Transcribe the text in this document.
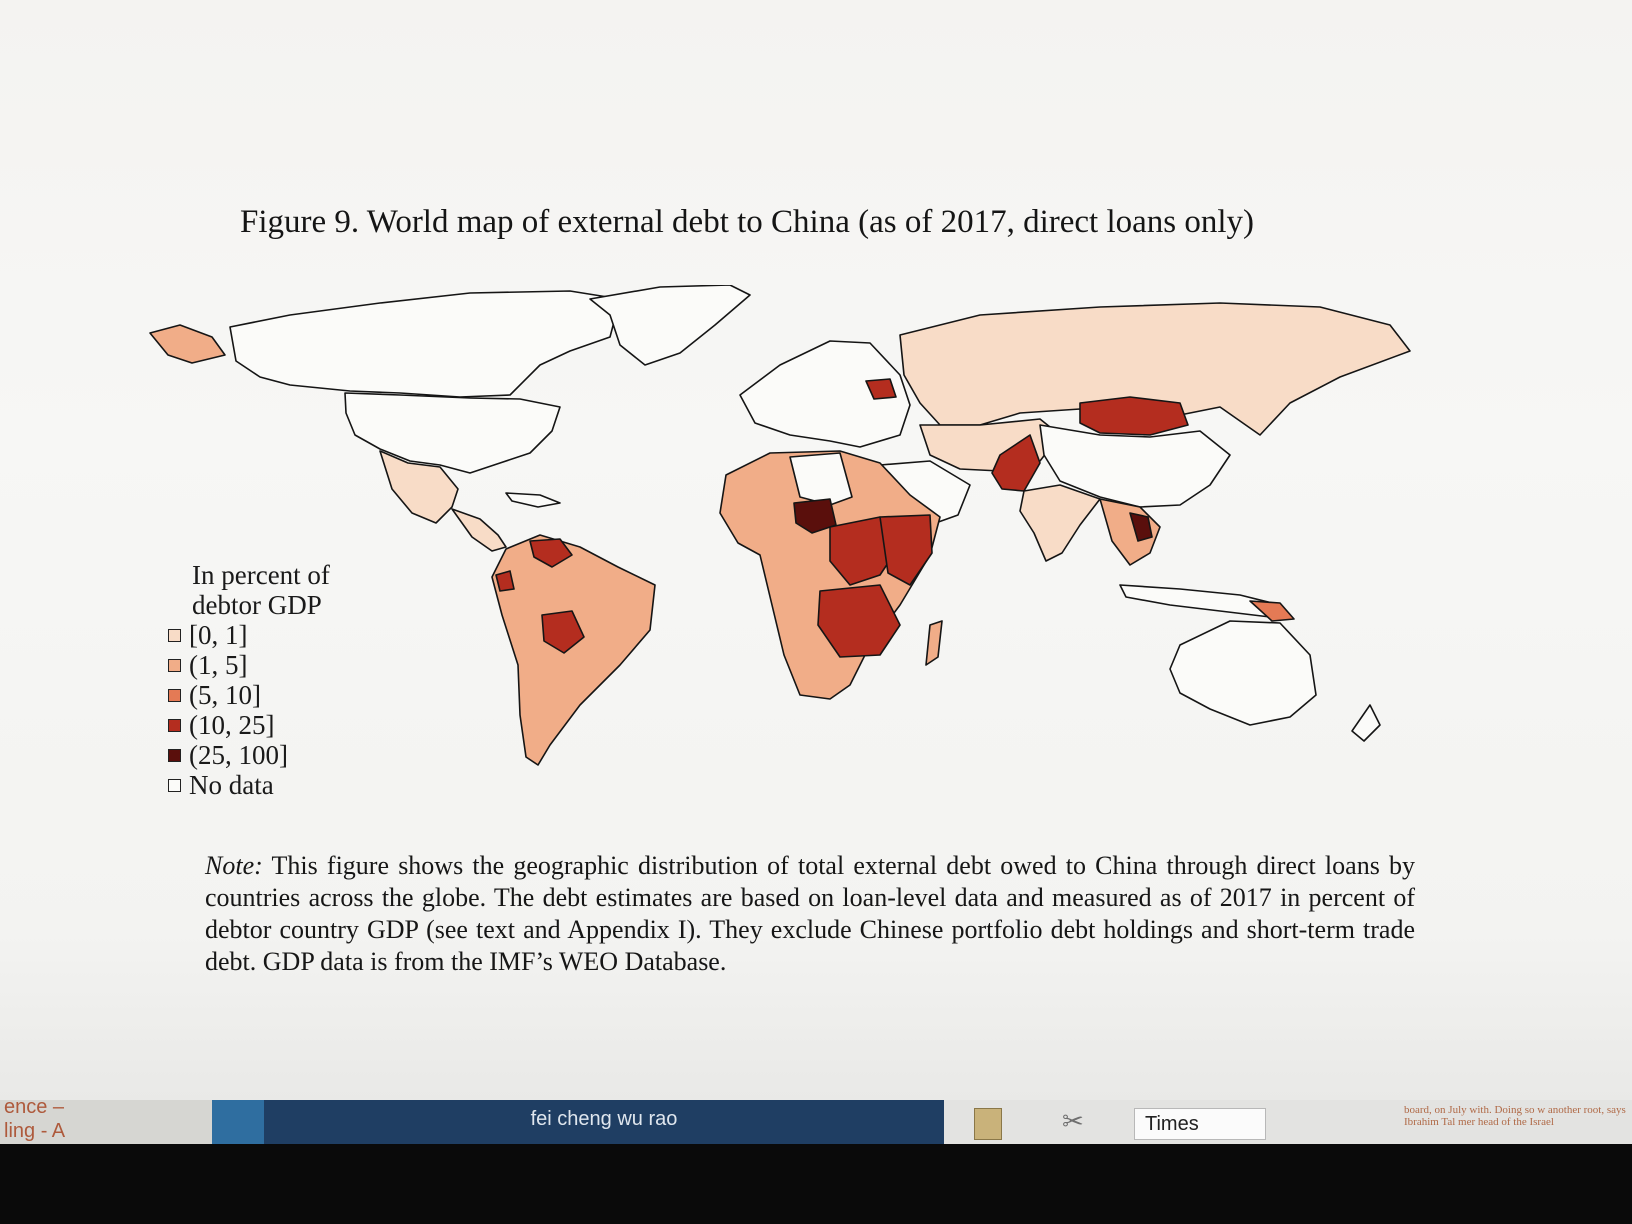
Figure 9. World map of external debt to China (as of 2017, direct loans only)
In percent of debtor GDP
[0, 1]
(1, 5]
(5, 10]
(10, 25]
(25, 100]
No data
Note: This figure shows the geographic distribution of total external debt owed to China through direct loans by countries across the globe. The debt estimates are based on loan-level data and measured as of 2017 in percent of debtor country GDP (see text and Appendix I). They exclude Chinese portfolio debt holdings and short-term trade debt. GDP data is from the IMF’s WEO Database.
ence –
ling - A
fei cheng wu rao	✂	Times
board, on July with. Doing so w another root, says Ibrahim Tal mer head of the Israel
